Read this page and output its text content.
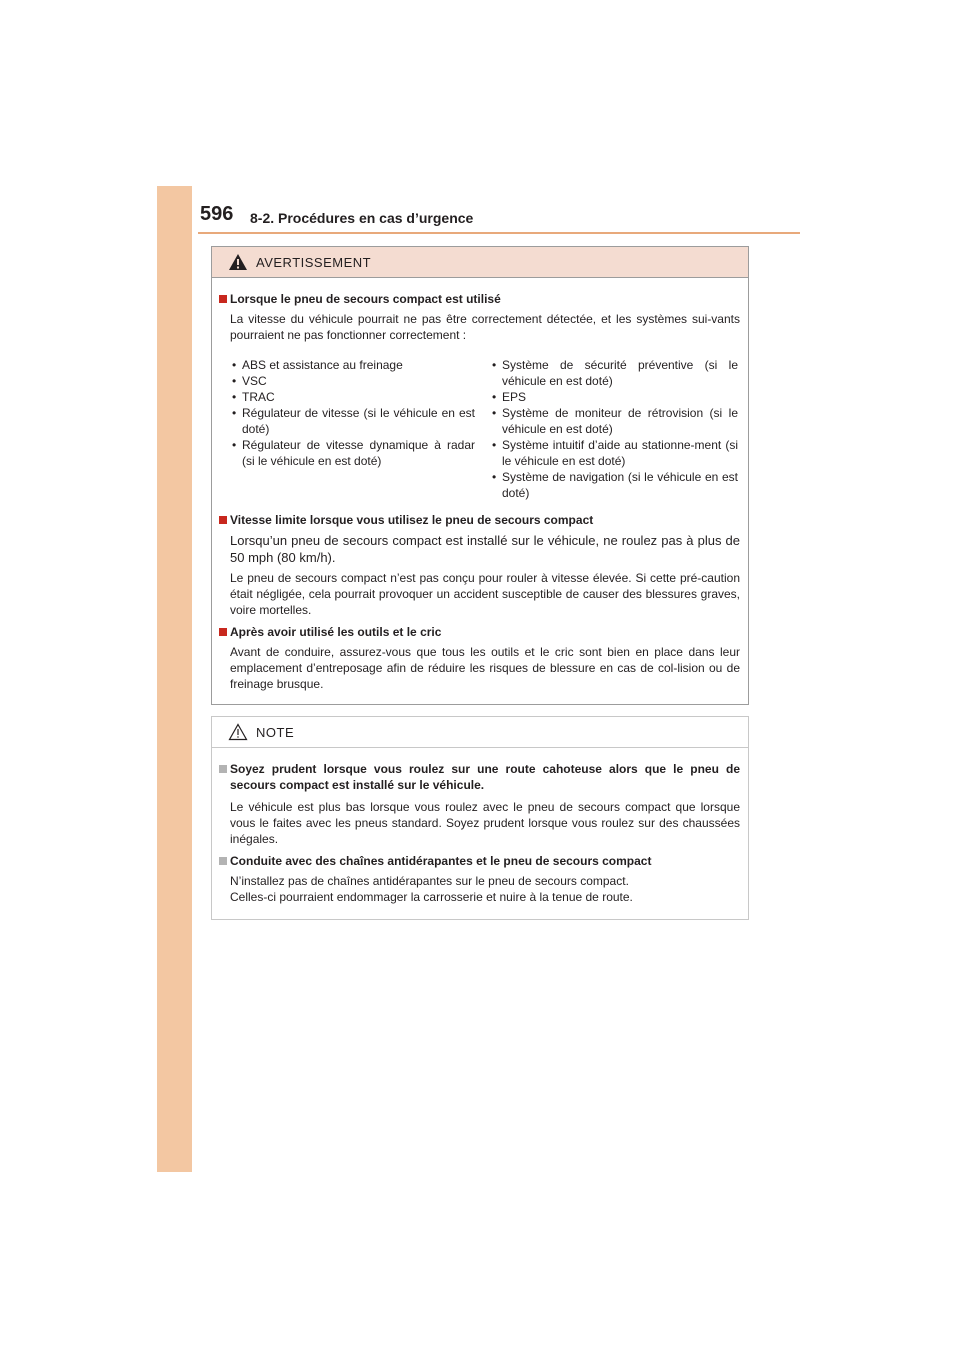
596 8-2. Procédures en cas d’urgence
AVERTISSEMENT
Lorsque le pneu de secours compact est utilisé
La vitesse du véhicule pourrait ne pas être correctement détectée, et les systèmes sui-vants pourraient ne pas fonctionner correctement :
• ABS et assistance au freinage
• VSC
• TRAC
• Régulateur de vitesse (si le véhicule en est doté)
• Régulateur de vitesse dynamique à radar (si le véhicule en est doté)
• Système de sécurité préventive (si le véhicule en est doté)
• EPS
• Système de moniteur de rétrovision (si le véhicule en est doté)
• Système intuitif d’aide au stationne-ment (si le véhicule en est doté)
• Système de navigation (si le véhicule en est doté)
Vitesse limite lorsque vous utilisez le pneu de secours compact
Lorsqu’un pneu de secours compact est installé sur le véhicule, ne roulez pas à plus de 50 mph (80 km/h).
Le pneu de secours compact n’est pas conçu pour rouler à vitesse élevée. Si cette pré-caution était négligée, cela pourrait provoquer un accident susceptible de causer des blessures graves, voire mortelles.
Après avoir utilisé les outils et le cric
Avant de conduire, assurez-vous que tous les outils et le cric sont bien en place dans leur emplacement d’entreposage afin de réduire les risques de blessure en cas de col-lision ou de freinage brusque.
NOTE
Soyez prudent lorsque vous roulez sur une route cahoteuse alors que le pneu de secours compact est installé sur le véhicule.
Le véhicule est plus bas lorsque vous roulez avec le pneu de secours compact que lorsque vous le faites avec les pneus standard. Soyez prudent lorsque vous roulez sur des chaussées inégales.
Conduite avec des chaînes antidérapantes et le pneu de secours compact
N’installez pas de chaînes antidérapantes sur le pneu de secours compact.
Celles-ci pourraient endommager la carrosserie et nuire à la tenue de route.
